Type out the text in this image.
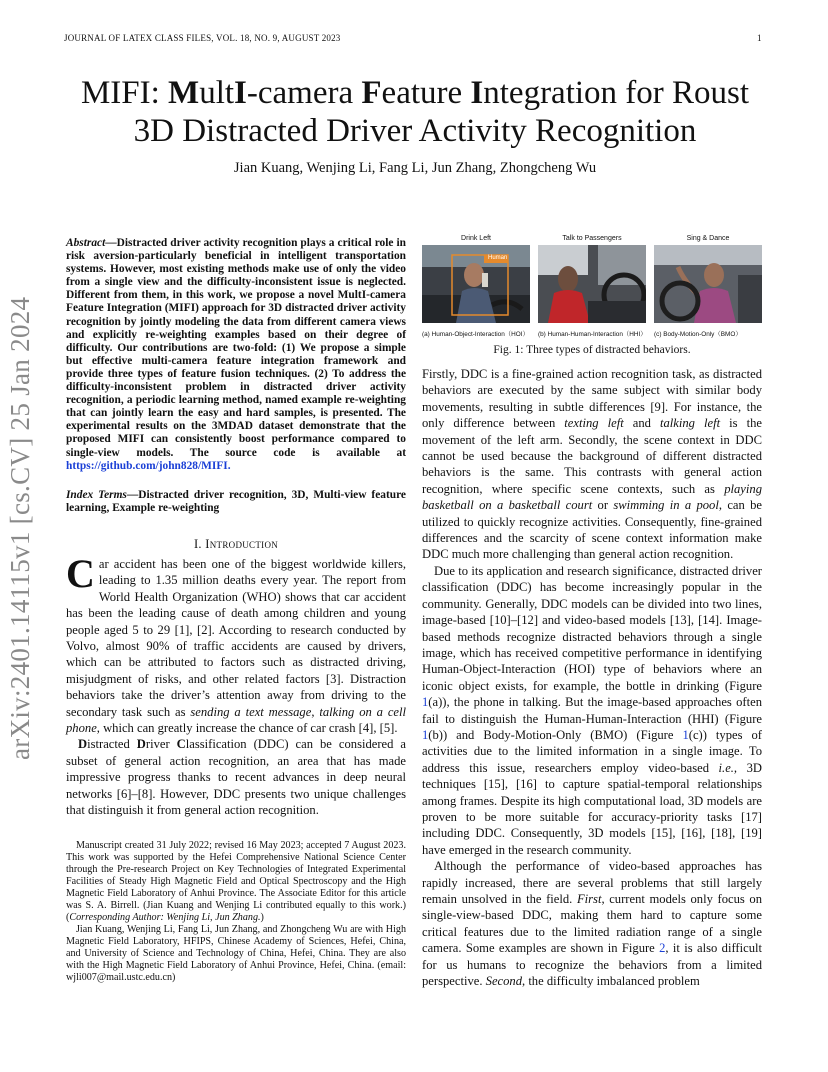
JOURNAL OF LATEX CLASS FILES, VOL. 18, NO. 9, AUGUST 2023	1
arXiv:2401.14115v1 [cs.CV] 25 Jan 2024
MIFI: MultI-camera Feature Integration for Roust
3D Distracted Driver Activity Recognition
Jian Kuang, Wenjing Li, Fang Li, Jun Zhang, Zhongcheng Wu
Abstract—Distracted driver activity recognition plays a critical role in risk aversion-particularly beneficial in intelligent transportation systems. However, most existing methods make use of only the video from a single view and the difficulty-inconsistent issue is neglected. Different from them, in this work, we propose a novel MultI-camera Feature Integration (MIFI) approach for 3D distracted driver activity recognition by jointly modeling the data from different camera views and explicitly re-weighting examples based on their degree of difficulty. Our contributions are two-fold: (1) We propose a simple but effective multi-camera feature integration framework and provide three types of feature fusion techniques. (2) To address the difficulty-inconsistent problem in distracted driver activity recognition, a periodic learning method, named example re-weighting that can jointly learn the easy and hard samples, is presented. The experimental results on the 3MDAD dataset demonstrate that the proposed MIFI can consistently boost performance compared to single-view models. The source code is available at https://github.com/john828/MIFI.
Index Terms—Distracted driver recognition, 3D, Multi-view feature learning, Example re-weighting
I. Introduction

Car accident has been one of the biggest worldwide killers, leading to 1.35 million deaths every year. The report from World Health Organization (WHO) shows that car accident has been the leading cause of death among children and young people aged 5 to 29 [1], [2]. According to research conducted by Volvo, almost 90% of traffic accidents are caused by drivers, which can be attributed to factors such as distracted driving, misjudgment of risks, and other related factors [3]. Distraction behaviors take the driver’s attention away from driving to the secondary task such as sending a text message, talking on a cell phone, which can greatly increase the chance of car crash [4], [5].

Distracted Driver Classification (DDC) can be considered a subset of general action recognition, an area that has made impressive progress thanks to recent advances in deep neural networks [6]–[8]. However, DDC presents two unique challenges that distinguish it from general action recognition.

Manuscript created 31 July 2022; revised 16 May 2023; accepted 7 August 2023. This work was supported by the Hefei Comprehensive National Science Center through the Pre-research Project on Key Technologies of Integrated Experimental Facilities of Steady High Magnetic Field and Optical Spectroscopy and the High Magnetic Field Laboratory of Anhui Province. The Associate Editor for this article was S. A. Birrell. (Jian Kuang and Wenjing Li contributed equally to this work.) (Corresponding Author: Wenjing Li, Jun Zhang.)

Jian Kuang, Wenjing Li, Fang Li, Jun Zhang, and Zhongcheng Wu are with High Magnetic Field Laboratory, HFIPS, Chinese Academy of Sciences, Hefei, China, and University of Science and Technology of China, Hefei, China. They are also with the High Magnetic Field Laboratory of Anhui Province, Hefei, China. (email: wjli007@mail.ustc.edu.cn)

Drink Left
Human
(a) Human-Object-Interaction（HOI）
Talk to Passengers
(b) Human-Human-Interaction（HHI）
Sing & Dance
(c) Body-Motion-Only（BMO）
Fig. 1: Three types of distracted behaviors.

Firstly, DDC is a fine-grained action recognition task, as distracted behaviors are executed by the same subject with similar body movements, resulting in subtle differences [9]. For instance, the only difference between texting left and talking left is the movement of the left arm. Secondly, the scene context in DDC cannot be used because the background of different distracted behaviors is the same. This contrasts with general action recognition, where specific scene contexts, such as playing basketball on a basketball court or swimming in a pool, can be utilized to quickly recognize activities. Consequently, fine-grained differences and the scarcity of scene context information make DDC much more challenging than general action recognition.

Due to its application and research significance, distracted driver classification (DDC) has become increasingly popular in the community. Generally, DDC models can be divided into two lines, image-based [10]–[12] and video-based models [13], [14]. Image-based methods recognize distracted behaviors through a single image, which has received competitive performance in identifying Human-Object-Interaction (HOI) type of behaviors where an iconic object exists, for example, the bottle in drinking (Figure 1(a)), the phone in talking. But the image-based approaches often fail to distinguish the Human-Human-Interaction (HHI) (Figure 1(b)) and Body-Motion-Only (BMO) (Figure 1(c)) types of activities due to the limited information in a single image. To address this issue, researchers employ video-based i.e., 3D techniques [15], [16] to capture spatial-temporal relationships among frames. Despite its high computational load, 3D models are proven to be more suitable for accuracy-priority tasks [17] including DDC. Consequently, 3D models [15], [16], [18], [19] have emerged in the research community.

Although the performance of video-based approaches has rapidly increased, there are several problems that still largely remain unsolved in the field. First, current models only focus on single-view-based DDC, making them hard to capture some critical features due to the limited radiation range of a single camera. Some examples are shown in Figure 2, it is also difficult for us humans to recognize the behaviors from a limited perspective. Second, the difficulty imbalanced problem
